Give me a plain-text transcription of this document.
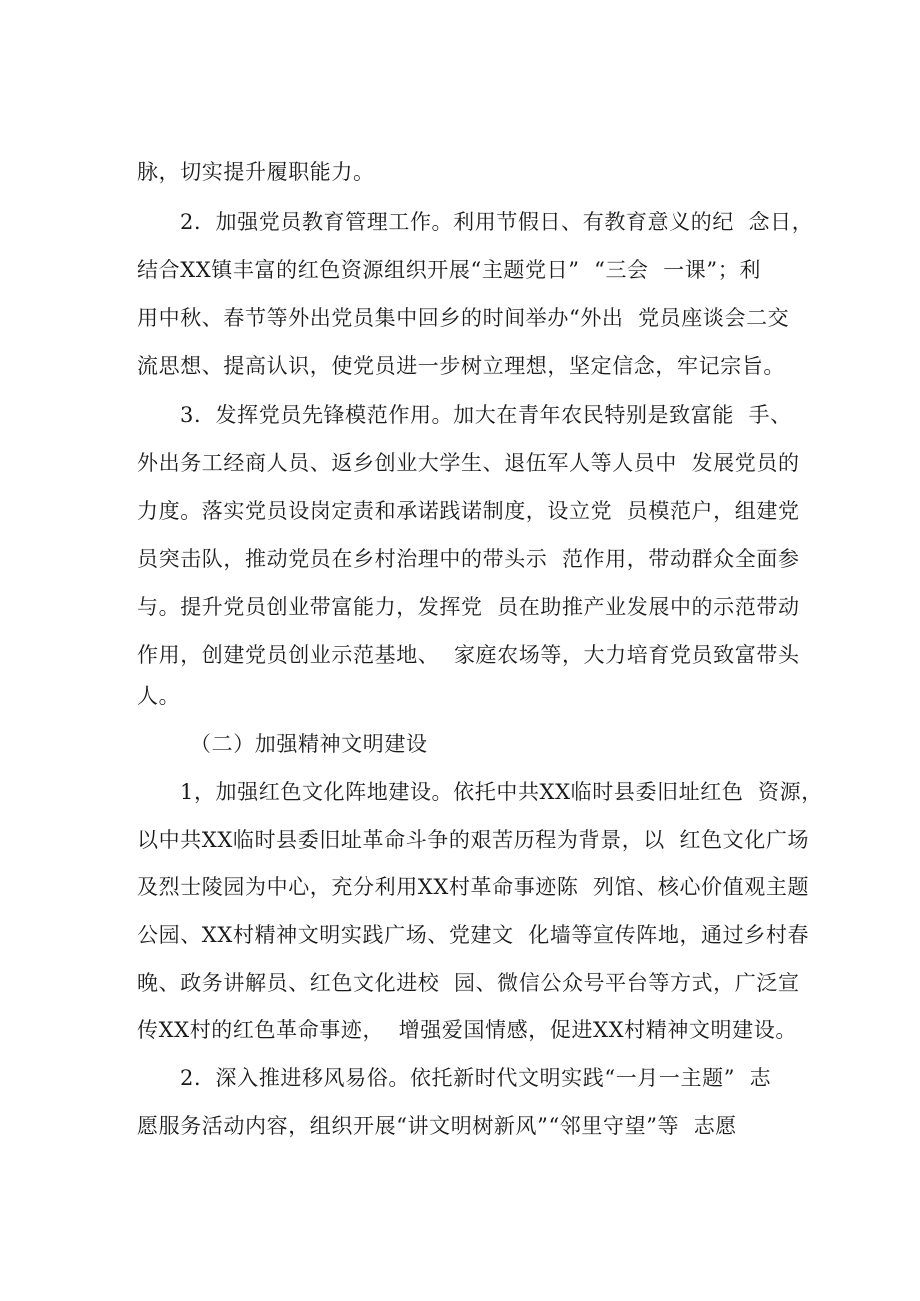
脉，切实提升履职能力。
2．加强党员教育管理工作。利用节假日、有教育意义的纪  念日，
结合XX镇丰富的红色资源组织开展“主题党日”  “三会  一课”；利
用中秋、春节等外出党员集中回乡的时间举办“外出  党员座谈会二交
流思想、提高认识，使党员进一步树立理想，坚定信念，牢记宗旨。
3．发挥党员先锋模范作用。加大在青年农民特别是致富能  手、
外出务工经商人员、返乡创业大学生、退伍军人等人员中  发展党员的
力度。落实党员设岗定责和承诺践诺制度，设立党  员模范户，组建党
员突击队，推动党员在乡村治理中的带头示  范作用，带动群众全面参
与。提升党员创业带富能力，发挥党  员在助推产业发展中的示范带动
作用，创建党员创业示范基地、  家庭农场等，大力培育党员致富带头
人。
（二）加强精神文明建设
1，加强红色文化阵地建设。依托中共XX临时县委旧址红色  资源，
以中共XX临时县委旧址革命斗争的艰苦历程为背景，以  红色文化广场
及烈士陵园为中心，充分利用XX村革命事迹陈  列馆、核心价值观主题
公园、XX村精神文明实践广场、党建文  化墙等宣传阵地，通过乡村春
晚、政务讲解员、红色文化进校  园、微信公众号平台等方式，广泛宣
传XX村的红色革命事迹，  增强爱国情感，促进XX村精神文明建设。
2．深入推进移风易俗。依托新时代文明实践“一月一主题”  志
愿服务活动内容，组织开展“讲文明树新风”“邻里守望”等  志愿
